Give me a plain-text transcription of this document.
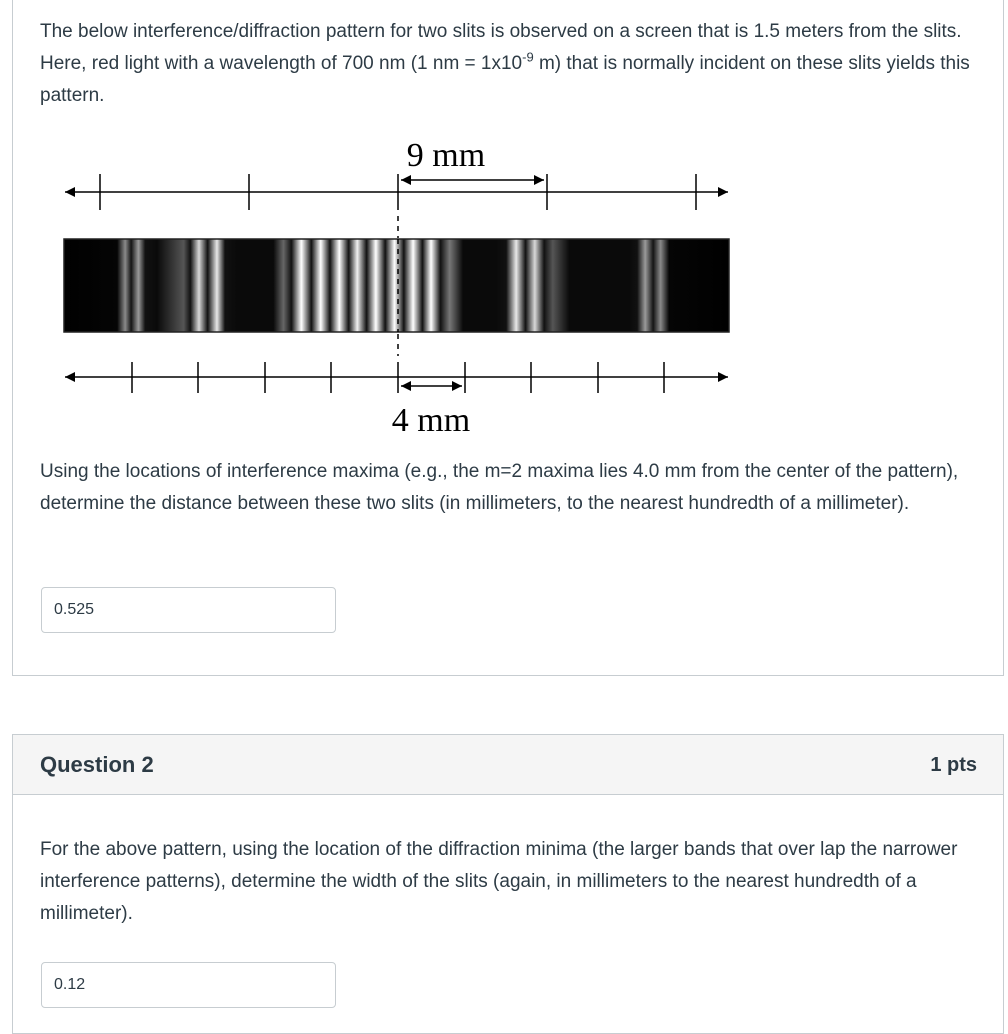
The below interference/diffraction pattern for two slits is observed on a screen that is 1.5 meters from the slits. Here, red light with a wavelength of 700 nm (1 nm = $1x10^{-9}$ m) that is normally incident on these slits yields this pattern.
9 mm
4 mm
Using the locations of interference maxima (e.g., the m=2 maxima lies 4.0 mm from the center of the pattern), determine the distance between these two slits (in millimeters, to the nearest hundredth of a millimeter).
0.525
Question 2	1 pts
For the above pattern, using the location of the diffraction minima (the larger bands that over lap the narrower interference patterns), determine the width of the slits (again, in millimeters to the nearest hundredth of a millimeter).
0.12
